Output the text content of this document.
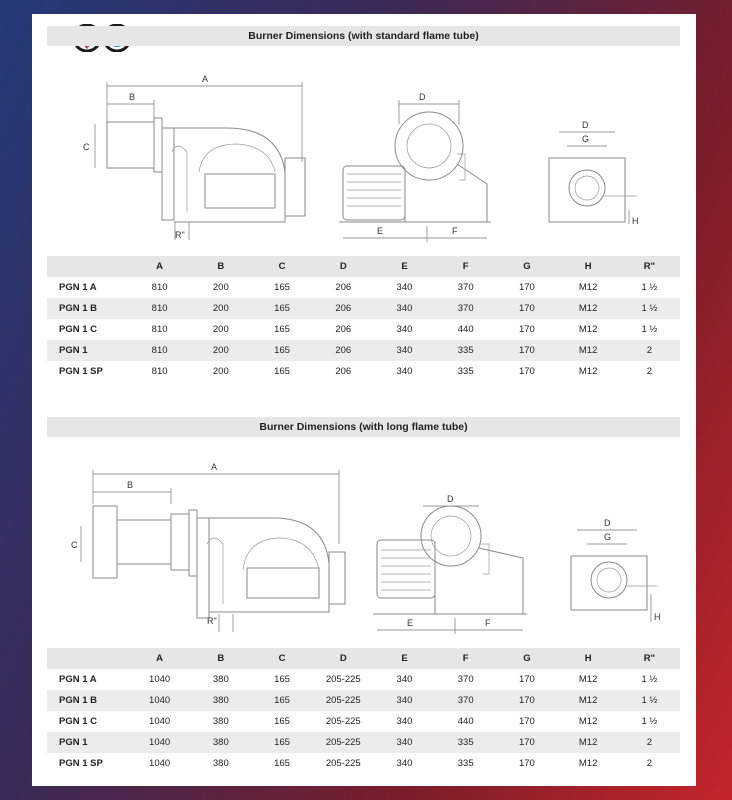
Burner Dimensions (with standard flame tube)
A
B
C
R"
D
E	F
D
G
H
	A	B	C	D	E	F	G	H	R"
PGN 1 A	810	200	165	206	340	370	170	M12	1 ½
PGN 1 B	810	200	165	206	340	370	170	M12	1 ½
PGN 1 C	810	200	165	206	340	440	170	M12	1 ½
PGN 1	810	200	165	206	340	335	170	M12	2
PGN 1 SP	810	200	165	206	340	335	170	M12	2
Burner Dimensions (with long flame tube)
A
B
C
R"
D
E	F
D
G
H
	A	B	C	D	E	F	G	H	R"
PGN 1 A	1040	380	165	205-225	340	370	170	M12	1 ½
PGN 1 B	1040	380	165	205-225	340	370	170	M12	1 ½
PGN 1 C	1040	380	165	205-225	340	440	170	M12	1 ½
PGN 1	1040	380	165	205-225	340	335	170	M12	2
PGN 1 SP	1040	380	165	205-225	340	335	170	M12	2
